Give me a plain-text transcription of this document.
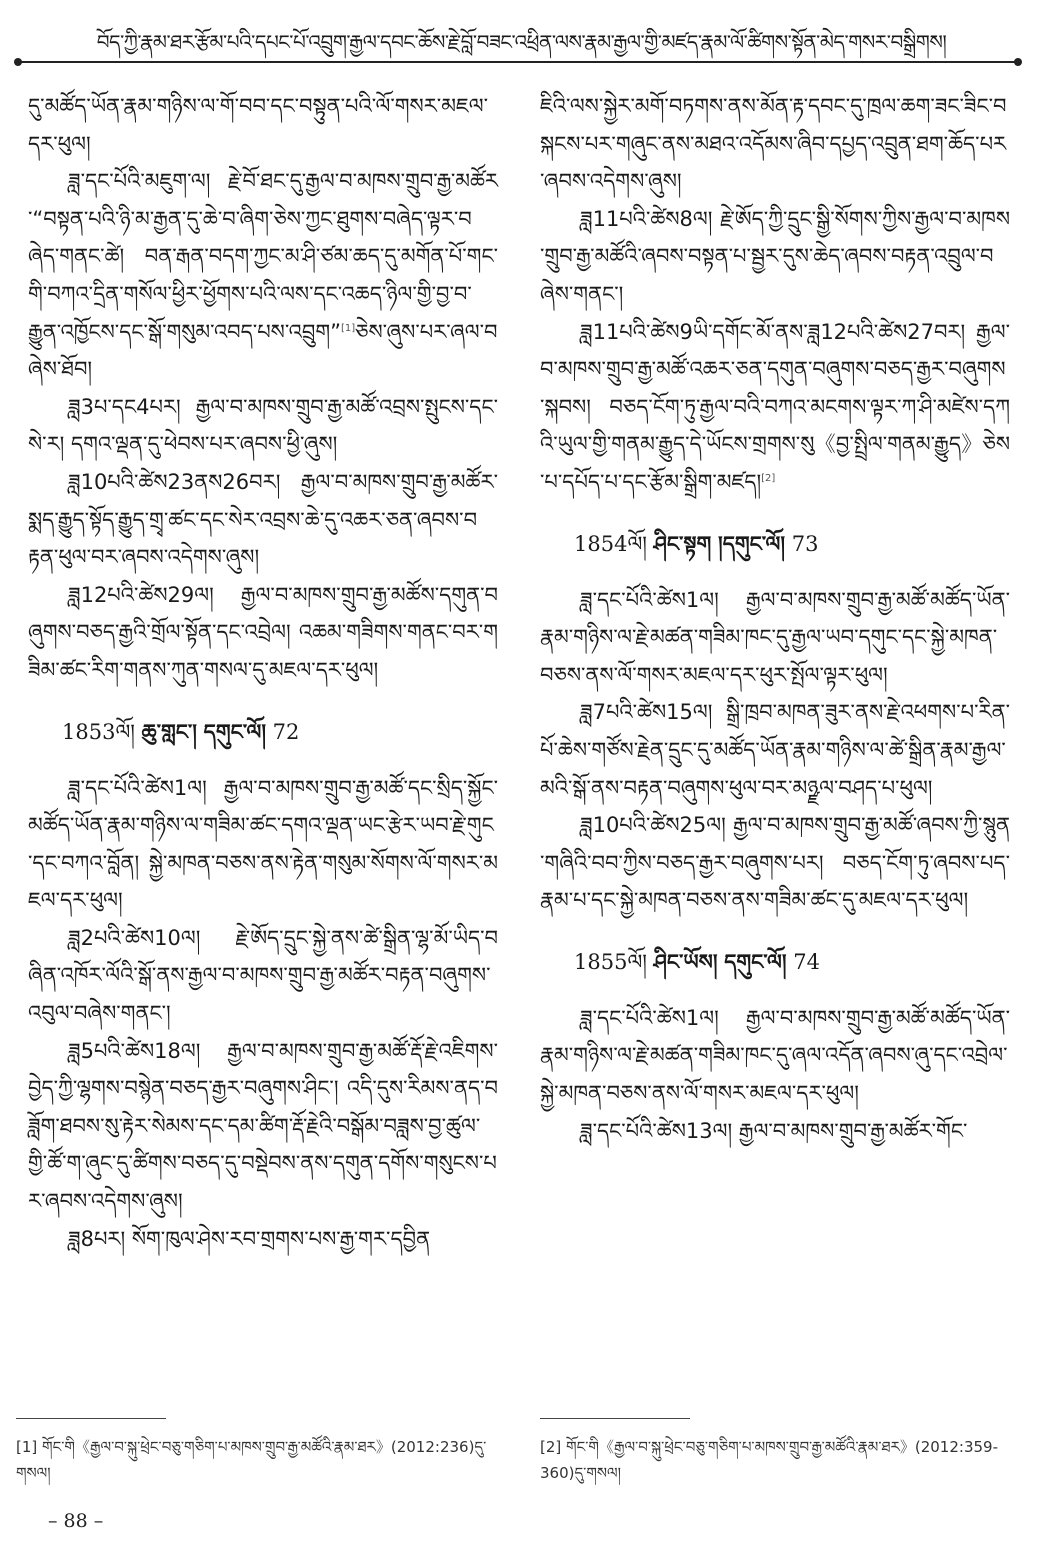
བོད་ཀྱི་རྣམ་ཐར་རྩོམ་པའི་དཔང་པོ་འབྲུག་རྒྱལ་དབང་ཆོས་རྗེ་བློ་བཟང་འཕྲིན་ལས་རྣམ་རྒྱལ་གྱི་མཛད་རྣམ་ལོ་ཚིགས་སྟོན་མེད་གསར་བསྒྲིགས།

དུ་མཚོད་ཡོན་རྣམ་གཉིས་ལ་གོ་བབ་དང་བསྟུན་པའི་ལོ་གསར་མཇལ་དར་ཕུལ།

ཟླ་དང་པོའི་མཇུག་ལ། རྗེ་བོ་ཐང་དུ་རྒྱལ་བ་མཁས་གྲུབ་རྒྱ་མཚོར་“བསྟན་པའི་ཉི་མ་རྒྱན་དུ་ཆེ་བ་ཞིག་ཅེས་ཀྱང་ཐུགས་བཞེད་ལྟར་བཞེད་གནང་ཚེ། བན་རྒན་བདག་ཀྱང་མ་ཤི་ཙམ་ཆད་དུ་མགོན་པོ་གང་གི་བཀའ་དྲིན་གསོལ་ཕྱིར་ཕྱོགས་པའི་ལས་དང་འཆད་ཉིལ་གྱི་བྱ་བ་རྒྱུན་འཁྱོངས་དང་སྒོ་གསུམ་འབད་པས་འབྲུག”[1]ཅེས་ཞུས་པར་ཞལ་བཞེས་ཐོབ།

ཟླ3པ་དང4པར། རྒྱལ་བ་མཁས་གྲུབ་རྒྱ་མཚོ་འབྲས་སྤུངས་དང་སེ་ར། དགའ་ལྡན་དུ་ཕེབས་པར་ཞབས་ཕྱི་ཞུས།

ཟླ10པའི་ཚེས23ནས26བར། རྒྱལ་བ་མཁས་གྲུབ་རྒྱ་མཚོར་སྨད་རྒྱུད་སྟོད་རྒྱུད་གྲྭ་ཚང་དང་སེར་འབྲས་ཆེ་དུ་འཆར་ཅན་ཞབས་བརྟན་ཕུལ་བར་ཞབས་འདེགས་ཞུས།

ཟླ12པའི་ཚེས29ལ། རྒྱལ་བ་མཁས་གྲུབ་རྒྱ་མཚོས་དགུན་བཞུགས་བཅད་རྒྱའི་གྲོལ་སྟོན་དང་འབྲེལ། འཆམ་གཟིགས་གནང་བར་གཟིམ་ཚང་རིག་གནས་ཀུན་གསལ་དུ་མཇལ་དར་ཕུལ།

1853ལོ། ཆུ་གླང་། དགུང་ལོ། 72

ཟླ་དང་པོའི་ཚེས1ལ། རྒྱལ་བ་མཁས་གྲུབ་རྒྱ་མཚོ་དང་སྲིད་སྐྱོང་མཚོད་ཡོན་རྣམ་གཉིས་ལ་གཟིམ་ཚང་དགའ་ལྡན་ཡང་རྩེར་ཡབ་རྗེ་གུང་དང་བཀའ་བློན། སྐྱེ་མཁན་བཅས་ནས་རྟེན་གསུམ་སོགས་ལོ་གསར་མཇལ་དར་ཕུལ།

ཟླ2པའི་ཚེས10ལ། རྗེ་ཨོད་དྲུང་སྐྱེ་ནས་ཚེ་སྒྲིན་ལྷ་མོ་ཡིད་བཞིན་འཁོར་ལོའི་སྒོ་ནས་རྒྱལ་བ་མཁས་གྲུབ་རྒྱ་མཚོར་བརྟན་བཞུགས་འབུལ་བཞེས་གནང་།

ཟླ5པའི་ཚེས18ལ། རྒྱལ་བ་མཁས་གྲུབ་རྒྱ་མཚོ་རྡོ་རྗེ་འཇིགས་བྱེད་ཀྱི་ལྷགས་བསྙེན་བཅད་རྒྱར་བཞུགས་ཤིང་། འདི་དུས་རིམས་ནད་བཟློག་ཐབས་སུ་རྟེར་སེམས་དང་དམ་ཚིག་རྡོ་རྗེའི་བསྒོམ་བཟླས་བྱ་ཚུལ་གྱི་ཚོ་ག་ཞུང་དུ་ཚིགས་བཅད་དུ་བསྡེབས་ནས་དགུན་དགོས་གསུངས་པར་ཞབས་འདེགས་ཞུས།

ཟླ8པར། སོག་ཁུལ་ཤེས་རབ་གྲགས་པས་རྒྱ་གར་དབྱིན

ཇིའི་ལས་སྐྱེར་མགོ་བཏགས་ནས་མོན་རྟ་དབང་དུ་ཁྲལ་ཆག་ཟང་ཟིང་བསྐངས་པར་གཞུང་ནས་མཐའ་འདོམས་ཞིབ་དཔྱད་འབྲུན་ཐག་ཆོད་པར་ཞབས་འདེགས་ཞུས།

ཟླ11པའི་ཚེས8ལ། རྗེ་ཨོད་ཀྱི་དྲུང་སྒྱི་སོགས་ཀྱིས་རྒྱལ་བ་མཁས་གྲུབ་རྒྱ་མཚོའི་ཞབས་བསྟན་པ་སྦྱར་དུས་ཆེད་ཞབས་བརྟན་འབྲུལ་བཞེས་གནང་།

ཟླ11པའི་ཚེས9ཡི་དགོང་མོ་ནས་ཟླ12པའི་ཚེས27བར། རྒྱལ་བ་མཁས་གྲུབ་རྒྱ་མཚོ་འཆར་ཅན་དགུན་བཞུགས་བཅད་རྒྱར་བཞུགས་སྐབས། བཅད་ངོག་ཏུ་རྒྱལ་བའི་བཀའ་མངགས་ལྟར་ཀ་ཤི་མཛེས་དཀའི་ཡུལ་གྱི་གནམ་རྒྱུད་དེ་ཡོངས་གྲགས་སུ《བྱ་སྤྲིལ་གནམ་རྒྱུད》ཅེས་པ་དཔོད་པ་དང་རྩོམ་སྒྲིག་མཛད།[2]

1854ལོ། ཤིང་སྟག །དགུང་ལོ། 73

ཟླ་དང་པོའི་ཚེས1ལ། རྒྱལ་བ་མཁས་གྲུབ་རྒྱ་མཚོ་མཚོད་ཡོན་རྣམ་གཉིས་ལ་རྗེ་མཚན་གཟིམ་ཁང་དུ་རྒྱལ་ཡབ་དགུང་དང་སྐྱེ་མཁན་བཅས་ནས་ལོ་གསར་མཇལ་དར་ཕུར་སྤོལ་ལྟར་ཕུལ།

ཟླ7པའི་ཚེས15ལ། སྒྲི་ཁྲབ་མཁན་ཟུར་ནས་རྗེ་འཕགས་པ་རིན་པོ་ཆེས་གཙོས་རྗེན་དྲུང་དུ་མཚོད་ཡོན་རྣམ་གཉིས་ལ་ཚེ་སྒྲིན་རྣམ་རྒྱལ་མའི་སྒོ་ནས་བརྟན་བཞུགས་ཕུལ་བར་མཉྫལ་བཤད་པ་ཕུལ།

ཟླ10པའི་ཚེས25ལ། རྒྱལ་བ་མཁས་གྲུབ་རྒྱ་མཚོ་ཞབས་ཀྱི་སྙུན་གཞིའི་བབ་ཀྱིས་བཅད་རྒྱར་བཞུགས་པར། བཅད་ངོག་ཏུ་ཞབས་པད་རྣམ་པ་དང་སྐྱེ་མཁན་བཅས་ནས་གཟིམ་ཚང་དུ་མཇལ་དར་ཕུལ།

1855ལོ། ཤིང་ཡོས། དགུང་ལོ། 74

ཟླ་དང་པོའི་ཚེས1ལ། རྒྱལ་བ་མཁས་གྲུབ་རྒྱ་མཚོ་མཚོད་ཡོན་རྣམ་གཉིས་ལ་རྗེ་མཚན་གཟིམ་ཁང་དུ་ཞལ་འདོན་ཞབས་ཞུ་དང་འབྲེལ་སྐྱེ་མཁན་བཅས་ནས་ལོ་གསར་མཇལ་དར་ཕུལ།

ཟླ་དང་པོའི་ཚེས13ལ། རྒྱལ་བ་མཁས་གྲུབ་རྒྱ་མཚོར་གོང་

[1] གོང་གི《རྒྱལ་བ་སྐུ་ཕྲེང་བཅུ་གཅིག་པ་མཁས་གྲུབ་རྒྱ་མཚོའི་རྣམ་ཐར》(2012:236)དུ་གསལ།
[2] གོང་གི《རྒྱལ་བ་སྐུ་ཕྲེང་བཅུ་གཅིག་པ་མཁས་གྲུབ་རྒྱ་མཚོའི་རྣམ་ཐར》(2012:359-360)དུ་གསལ།
– 88 –
